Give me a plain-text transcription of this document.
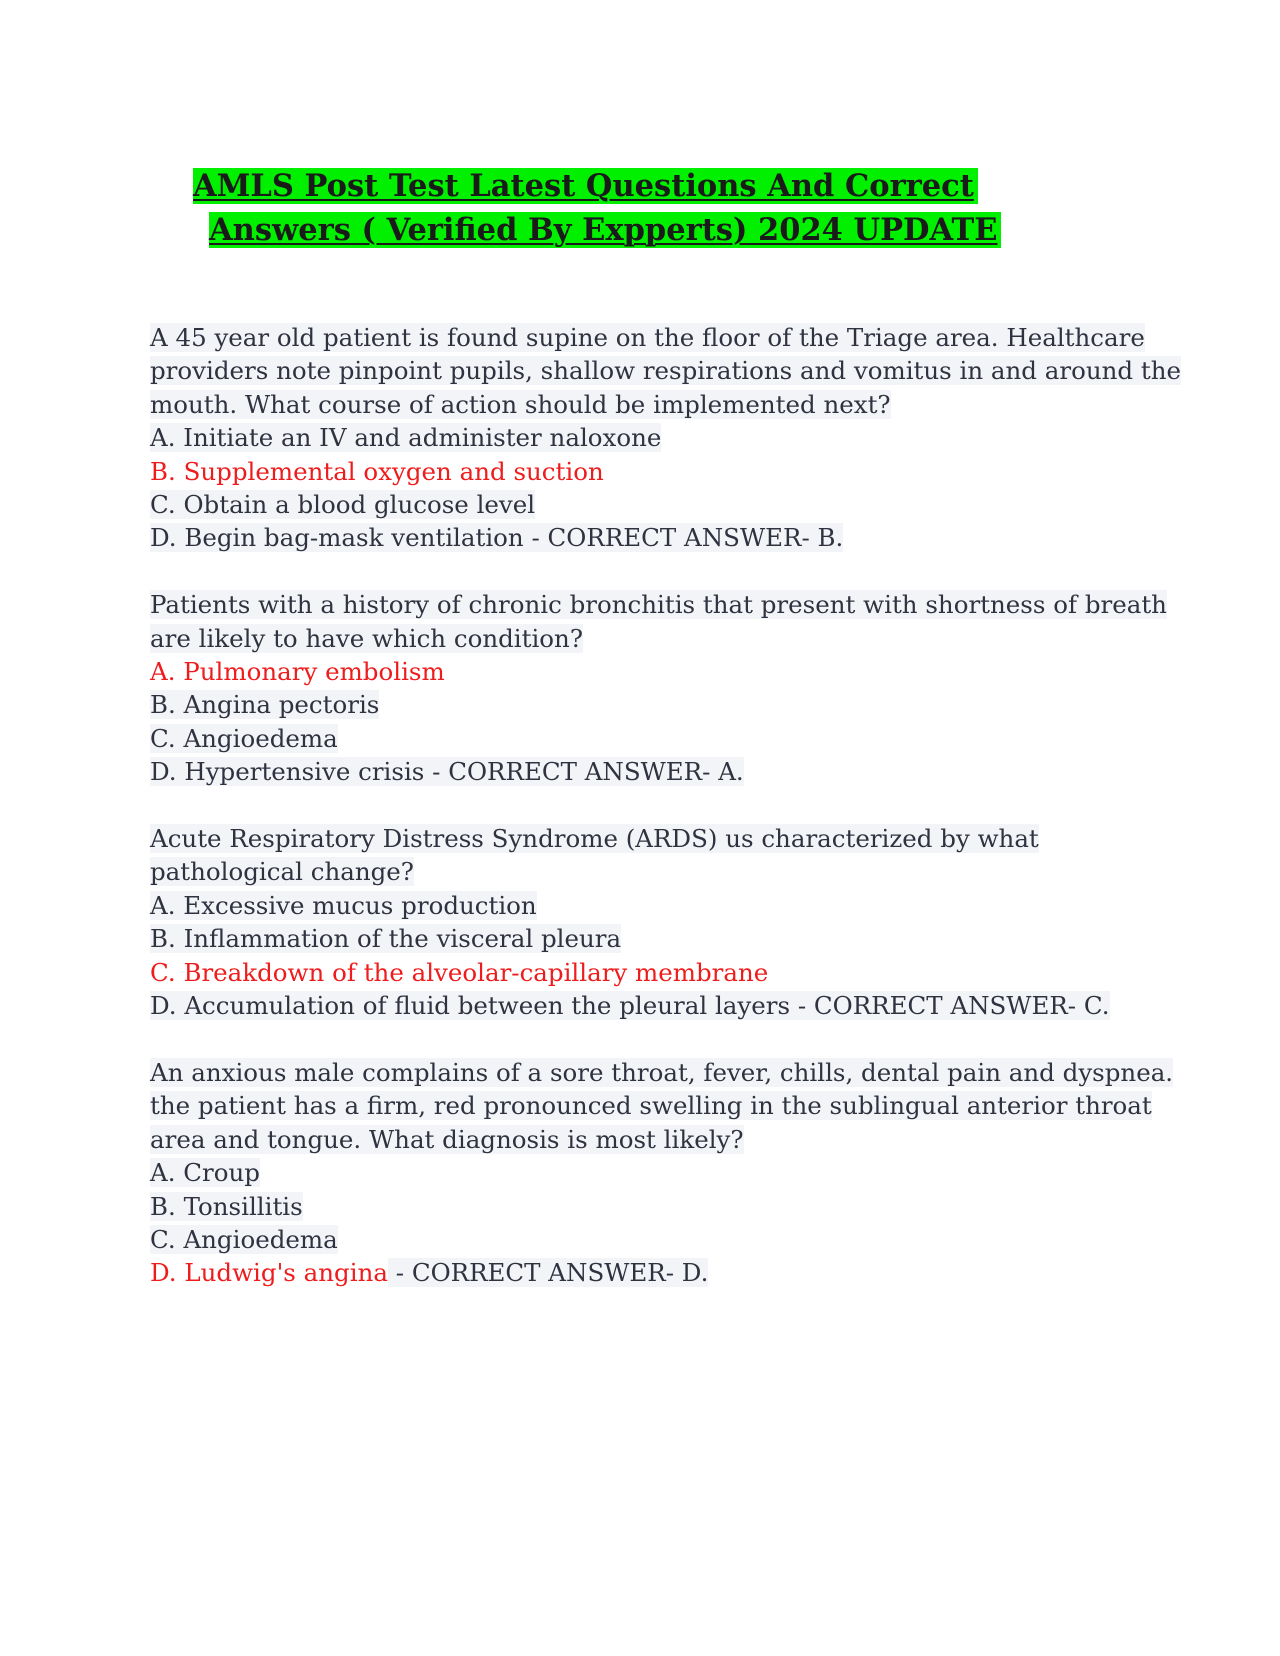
AMLS Post Test Latest Questions And Correct
Answers ( Verified By Expperts) 2024 UPDATE
A 45 year old patient is found supine on the floor of the Triage area. Healthcare
providers note pinpoint pupils, shallow respirations and vomitus in and around the
mouth. What course of action should be implemented next?
A. Initiate an IV and administer naloxone
B. Supplemental oxygen and suction
C. Obtain a blood glucose level
D. Begin bag-mask ventilation - CORRECT ANSWER- B.
Patients with a history of chronic bronchitis that present with shortness of breath
are likely to have which condition?
A. Pulmonary embolism
B. Angina pectoris
C. Angioedema
D. Hypertensive crisis - CORRECT ANSWER- A.
Acute Respiratory Distress Syndrome (ARDS) us characterized by what
pathological change?
A. Excessive mucus production
B. Inflammation of the visceral pleura
C. Breakdown of the alveolar-capillary membrane
D. Accumulation of fluid between the pleural layers - CORRECT ANSWER- C.
An anxious male complains of a sore throat, fever, chills, dental pain and dyspnea.
the patient has a firm, red pronounced swelling in the sublingual anterior throat
area and tongue. What diagnosis is most likely?
A. Croup
B. Tonsillitis
C. Angioedema
D. Ludwig's angina - CORRECT ANSWER- D.
